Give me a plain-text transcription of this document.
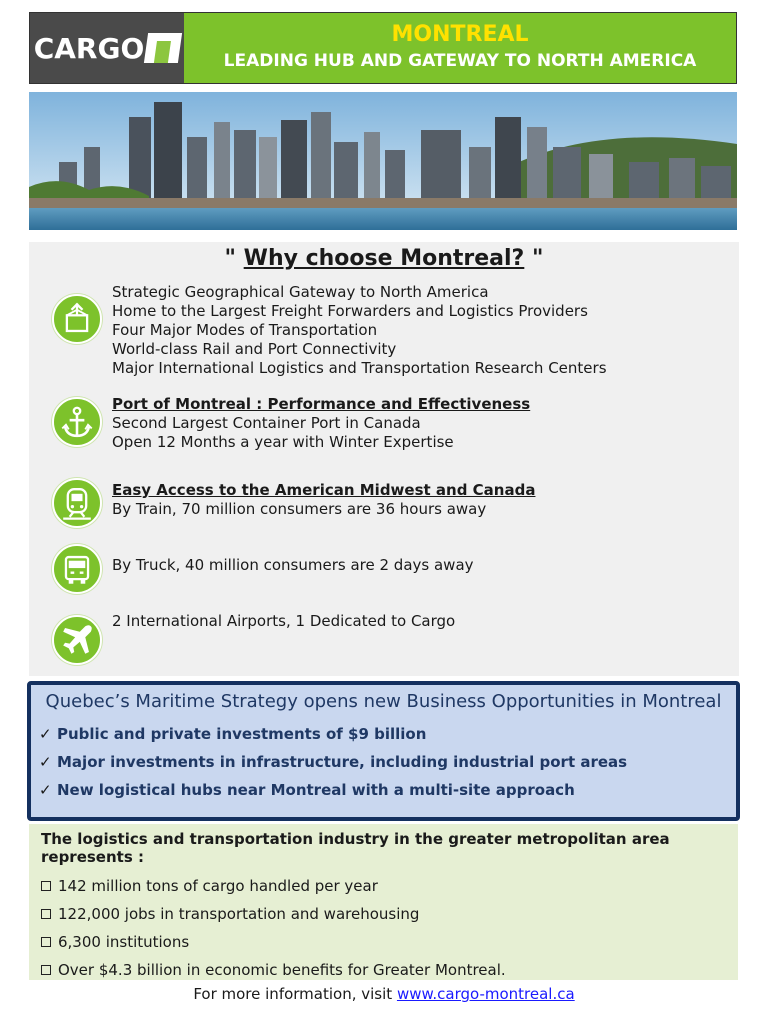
CARGO	MONTREAL
LEADING HUB AND GATEWAY TO NORTH AMERICA
" Why choose Montreal? "
Strategic Geographical Gateway to North America
Home to the Largest Freight Forwarders and Logistics Providers
Four Major Modes of Transportation
World-class Rail and Port Connectivity
Major International Logistics and Transportation Research Centers
Port of Montreal : Performance and Effectiveness
Second Largest Container Port in Canada
Open 12 Months a year with Winter Expertise
Easy Access to the American Midwest and Canada
By Train, 70 million consumers are 36 hours away
By Truck, 40 million consumers are 2 days away
2 International Airports, 1 Dedicated to Cargo
Quebec’s Maritime Strategy opens new Business Opportunities in Montreal
✓ Public and private investments of $9 billion
✓ Major investments in infrastructure, including industrial port areas
✓ New logistical hubs near Montreal with a multi-site approach
The logistics and transportation industry in the greater metropolitan area represents :
142 million tons of cargo handled per year
122,000 jobs in transportation and warehousing
6,300 institutions
Over $4.3 billion in economic benefits for Greater Montreal.
For more information, visit www.cargo-montreal.ca
